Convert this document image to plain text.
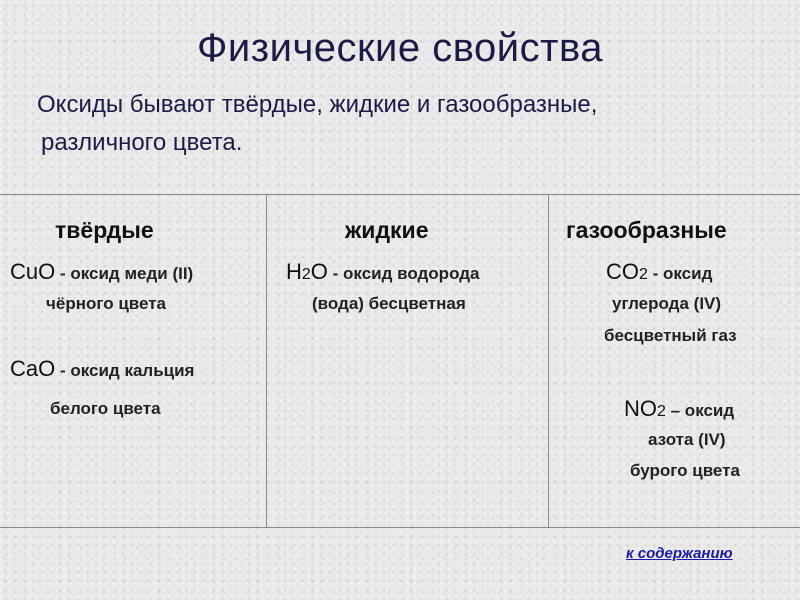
Физические свойства
Оксиды бывают твёрдые, жидкие и газообразные,
различного цвета.
твёрдые	жидкие	газообразные
CuO - оксид меди (II)
чёрного цвета
CaO - оксид кальция
белого цвета
H2O - оксид водорода
(вода) бесцветная
CO2 - оксид
углерода (IV)
бесцветный газ
NO2 – оксид
азота (IV)
бурого цвета
к содержанию
